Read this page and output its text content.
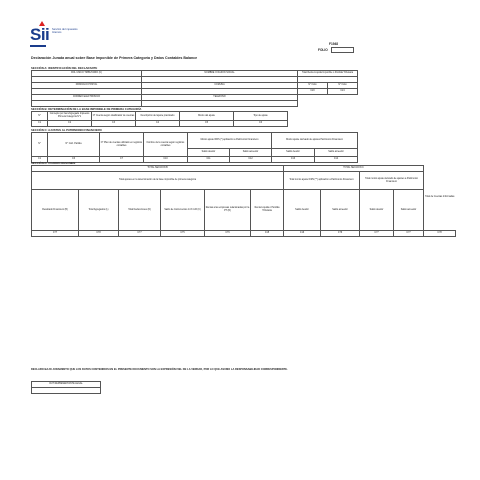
Sii Servicio de Impuestos Internos
F1948
FOLIO
Declaración Jurada anual sobre Base Imponible de Primera Categoría y Datos Contables Balance
SECCIÓN A: IDENTIFICACIÓN DEL DECLARANTE
ROL ÚNICO TRIBUTARIO (C)	NOMBRE O RAZÓN SOCIAL	Total Renta Líquida Imponible o Pérdida Tributaria	

DOMICILIO POSTAL	COMUNA	N° Folio	N° Folio
		C20	C24
CORREO ELECTRÓNICO	TELÉFONO		

SECCIÓN B: DETERMINACIÓN DE LA BASE IMPONIBLE DE PRIMERA CATEGORÍA
N°	Concepto por Ítem/Agregado Impuesto Primera Categoría N°1	N° Cuenta según clasificador de cuentas	Descripción del ajuste practicado	Monto del ajuste	Tipo de ajuste
C1	C2	C3	C4	C5	C6
SECCIÓN C: AJUSTES AL PATRIMONIO FINANCIERO
N°	N° Cód. Partida	N° Plan de cuentas utilizado en registros contables	Nombre de la cuenta según registros contables	Monto ajuste IFRS (*) aplicación a Patrimonio Financiero		Monto ajuste derivado de ajustes Patrimonio Financiero	
				Saldo deudor	Saldo acreedor	Saldo deudor	Saldo acreedor
C1	C6	C7	C10	C11	C12	C13	C14
SECCIÓN D: CUADRO RESUMEN
TOTAL SECCIÓN B						TOTAL SECCIÓN C				Total de Cuentas Informadas
Total ajustes en la determinación de la base imponible de primera categoría						Total monto ajuste IFRS (**) aplicación a Patrimonio Financiero		Total monto ajuste derivado de ajustes a Patrimonio Financiero		
Resultado Financiero (B)	Total Agregados (L)	Total Deducciones (D)	Saldo de Instrumentos 14 K LIR (K)	Rentas a las empresas relacionadas por la PT (R)	Renta Líquida o Pérdida Tributaria	Saldo deudor	Saldo acreedor	Saldo deudor	Saldo acreedor	
C77	C78	C77	C75	C76	C15	C16	C76	C77	C77	C78
DECLARO BAJO JURAMENTO QUE LOS DATOS CONTENIDOS EN EL PRESENTE DOCUMENTO SON LA EXPRESIÓN FIEL DE LA VERDAD, POR LO QUE ASUMO LA RESPONSABILIDAD CORRESPONDIENTE.
RUT REPRESENTANTE LEGAL
